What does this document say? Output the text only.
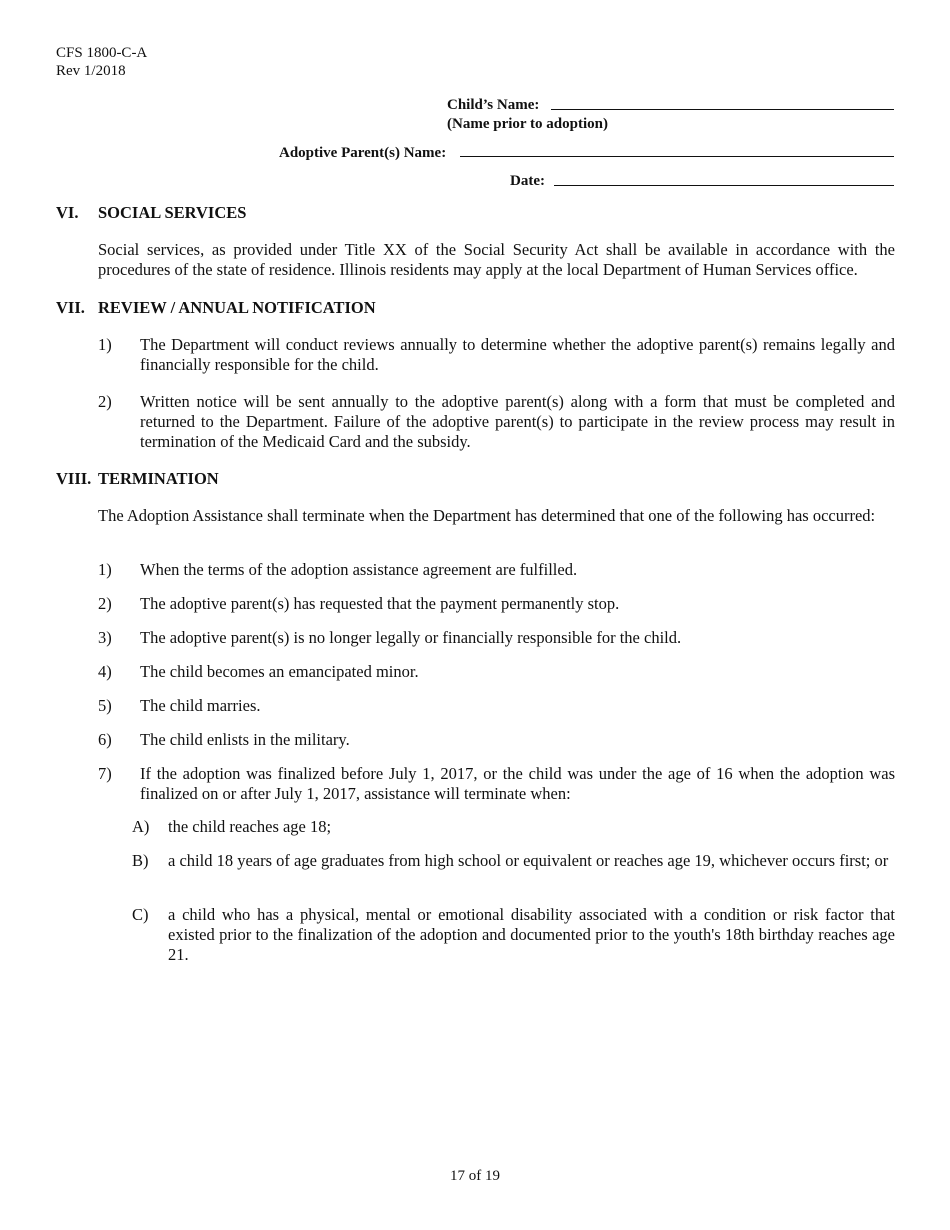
CFS 1800-C-A
Rev 1/2018
Child’s Name:
(Name prior to adoption)
Adoptive Parent(s) Name:
Date:
VI. SOCIAL SERVICES
Social services, as provided under Title XX of the Social Security Act shall be available in accordance with the procedures of the state of residence. Illinois residents may apply at the local Department of Human Services office.
VII. REVIEW / ANNUAL NOTIFICATION
1) The Department will conduct reviews annually to determine whether the adoptive parent(s) remains legally and financially responsible for the child.
2) Written notice will be sent annually to the adoptive parent(s) along with a form that must be completed and returned to the Department. Failure of the adoptive parent(s) to participate in the review process may result in termination of the Medicaid Card and the subsidy.
VIII. TERMINATION
The Adoption Assistance shall terminate when the Department has determined that one of the following has occurred:
1) When the terms of the adoption assistance agreement are fulfilled.
2) The adoptive parent(s) has requested that the payment permanently stop.
3) The adoptive parent(s) is no longer legally or financially responsible for the child.
4) The child becomes an emancipated minor.
5) The child marries.
6) The child enlists in the military.
7) If the adoption was finalized before July 1, 2017, or the child was under the age of 16 when the adoption was finalized on or after July 1, 2017, assistance will terminate when:
A) the child reaches age 18;
B) a child 18 years of age graduates from high school or equivalent or reaches age 19, whichever occurs first; or
C) a child who has a physical, mental or emotional disability associated with a condition or risk factor that existed prior to the finalization of the adoption and documented prior to the youth's 18th birthday reaches age 21.
17 of 19
